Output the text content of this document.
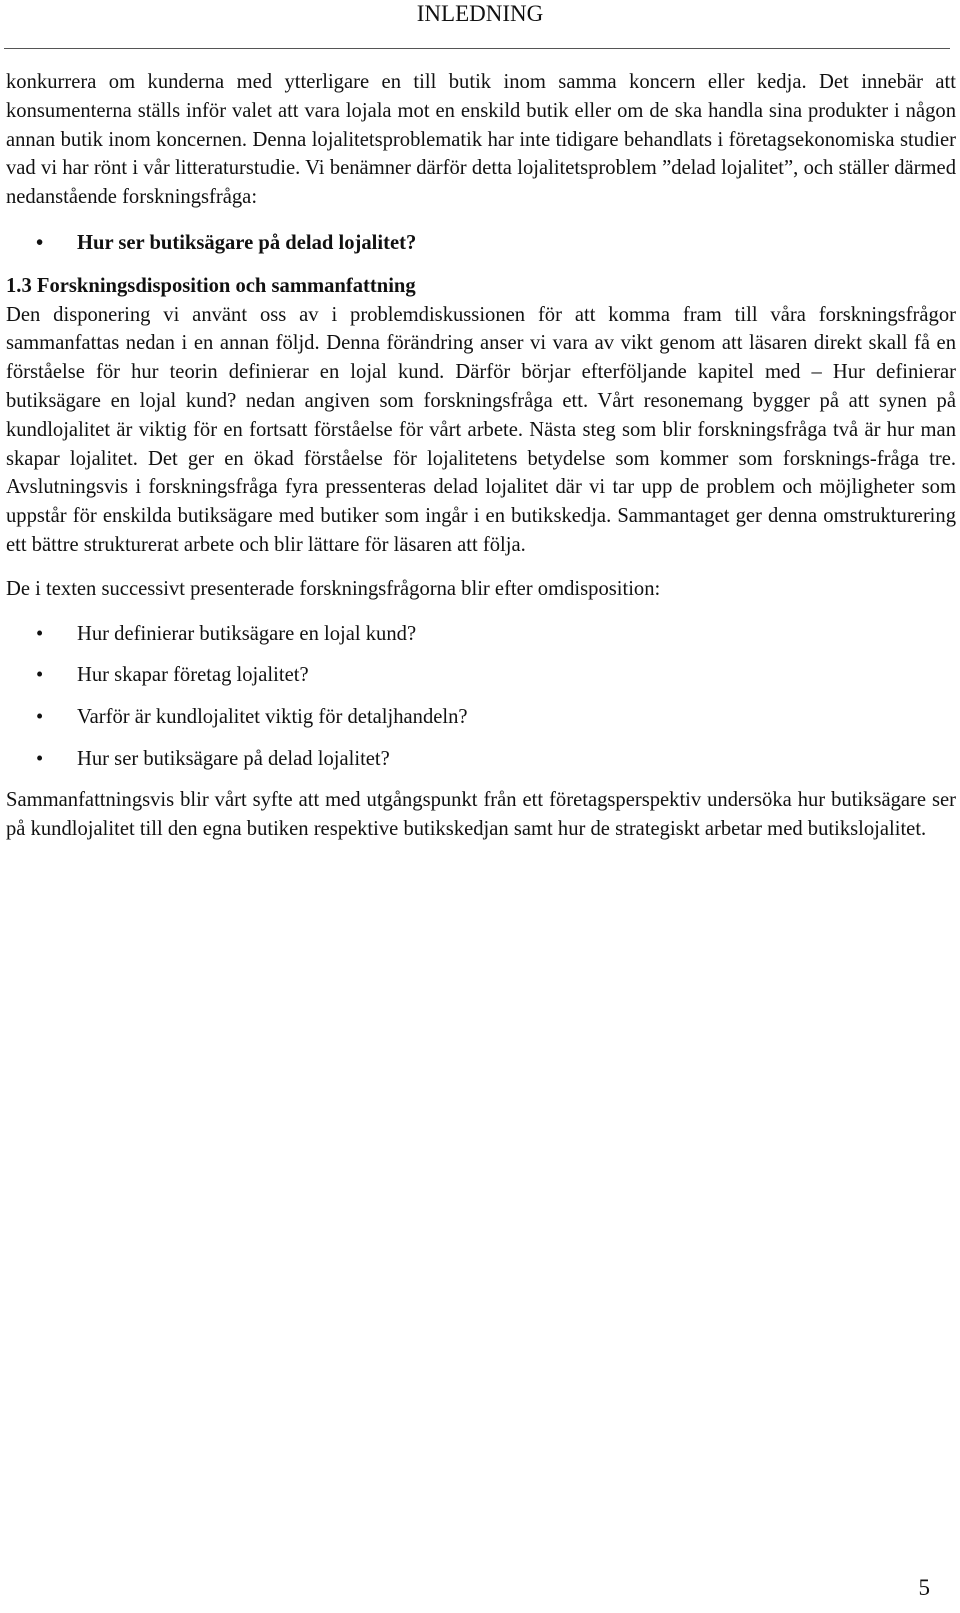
INLEDNING

konkurrera om kunderna med ytterligare en till butik inom samma koncern eller kedja. Det innebär att konsumenterna ställs inför valet att vara lojala mot en enskild butik eller om de ska handla sina produkter i någon annan butik inom koncernen. Denna lojalitetsproblematik har inte tidigare behandlats i företagsekonomiska studier vad vi har rönt i vår litteraturstudie. Vi benämner därför detta lojalitetsproblem ”delad lojalitet”, och ställer därmed nedanstående forskningsfråga:

• Hur ser butiksägare på delad lojalitet?
1.3 Forskningsdisposition och sammanfattning

Den disponering vi använt oss av i problemdiskussionen för att komma fram till våra forskningsfrågor sammanfattas nedan i en annan följd. Denna förändring anser vi vara av vikt genom att läsaren direkt skall få en förståelse för hur teorin definierar en lojal kund. Därför börjar efterföljande kapitel med – Hur definierar butiksägare en lojal kund? nedan angiven som forskningsfråga ett. Vårt resonemang bygger på att synen på kundlojalitet är viktig för en fortsatt förståelse för vårt arbete. Nästa steg som blir forskningsfråga två är hur man skapar lojalitet. Det ger en ökad förståelse för lojalitetens betydelse som kommer som forsknings-fråga tre. Avslutningsvis i forskningsfråga fyra pressenteras delad lojalitet där vi tar upp de problem och möjligheter som uppstår för enskilda butiksägare med butiker som ingår i en butikskedja. Sammantaget ger denna omstrukturering ett bättre strukturerat arbete och blir lättare för läsaren att följa.

De i texten successivt presenterade forskningsfrågorna blir efter omdisposition:

• Hur definierar butiksägare en lojal kund?
• Hur skapar företag lojalitet?
• Varför är kundlojalitet viktig för detaljhandeln?
• Hur ser butiksägare på delad lojalitet?

Sammanfattningsvis blir vårt syfte att med utgångspunkt från ett företagsperspektiv undersöka hur butiksägare ser på kundlojalitet till den egna butiken respektive butikskedjan samt hur de strategiskt arbetar med butikslojalitet.

5
